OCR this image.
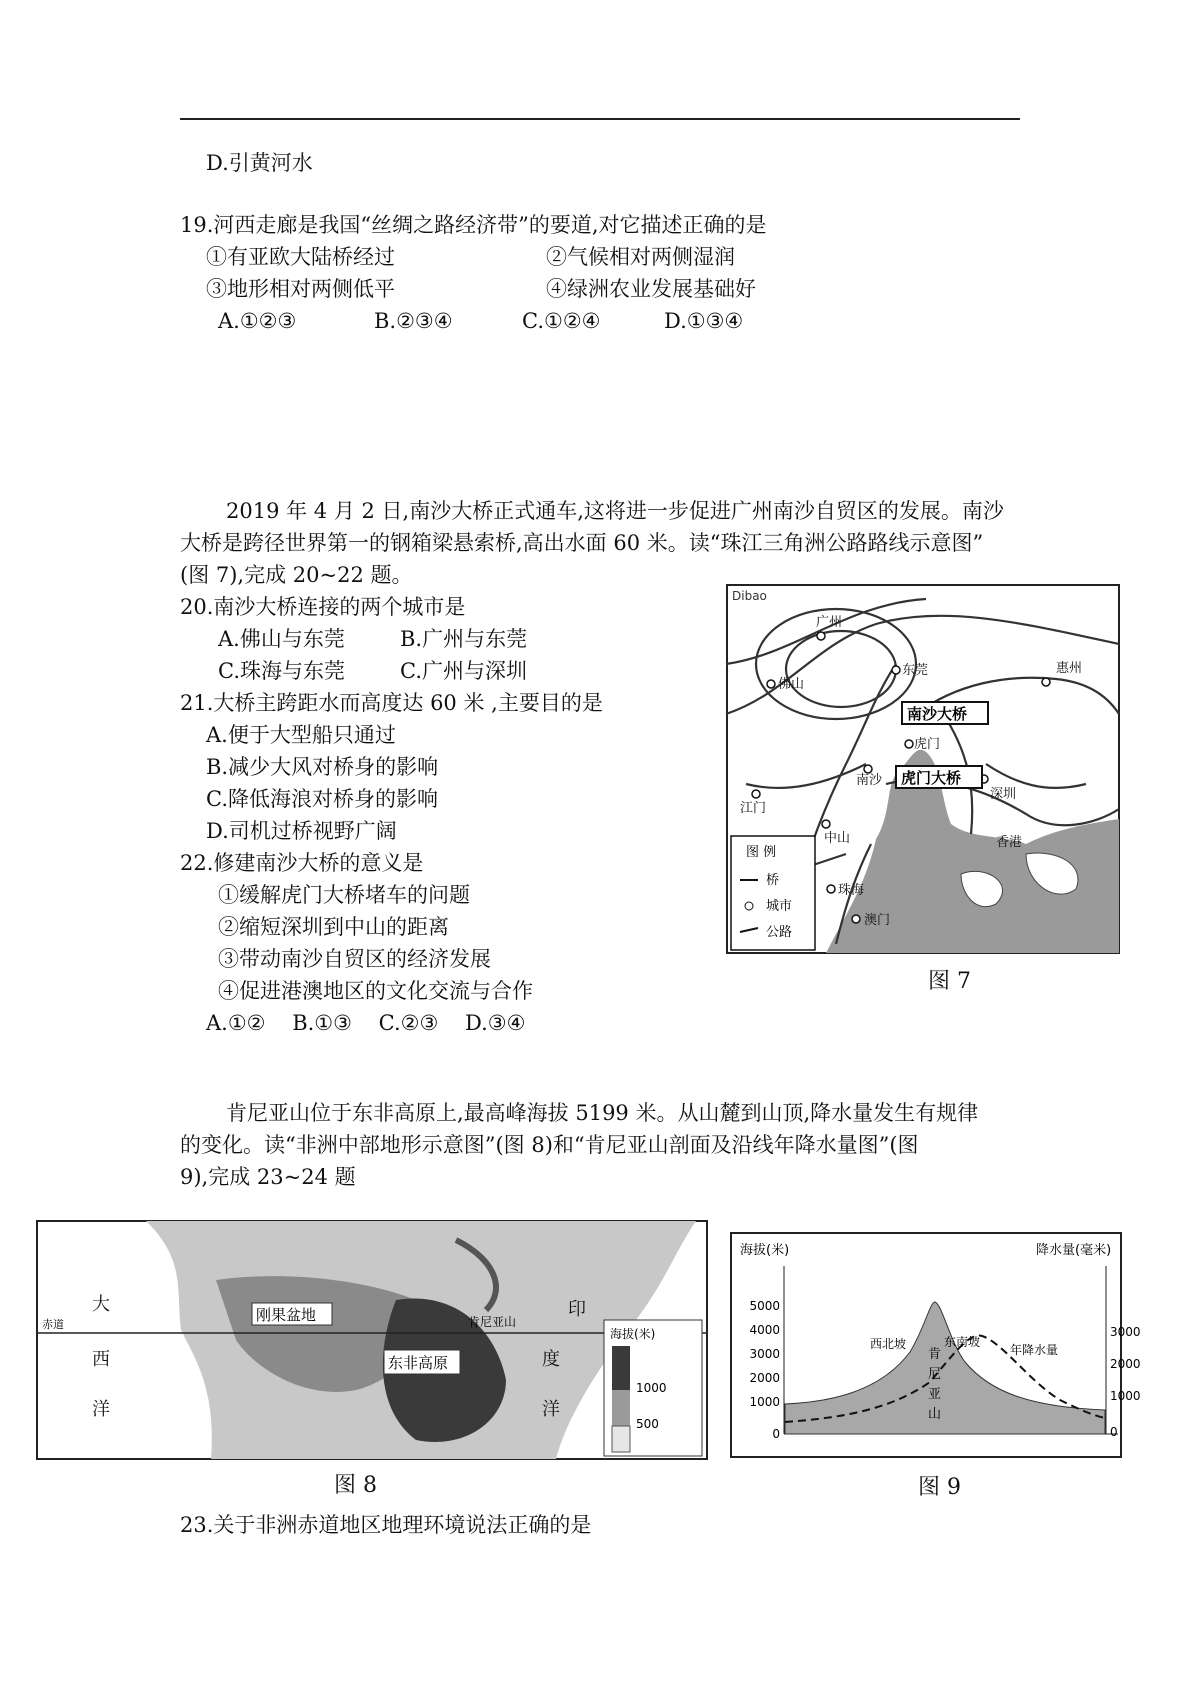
D.引黄河水
19.河西走廊是我国“丝绸之路经济带”的要道,对它描述正确的是
①有亚欧大陆桥经过	②气候相对两侧湿润
③地形相对两侧低平	④绿洲农业发展基础好
A.①②③	B.②③④	C.①②④	D.①③④
2019 年 4 月 2 日,南沙大桥正式通车,这将进一步促进广州南沙自贸区的发展。南沙
大桥是跨径世界第一的钢箱梁悬索桥,高出水面 60 米。读“珠江三角洲公路路线示意图”
(图 7),完成 20~22 题。
20.南沙大桥连接的两个城市是
A.佛山与东莞	B.广州与东莞
C.珠海与东莞	C.广州与深圳
21.大桥主跨距水而高度达 60 米 ,主要目的是
A.便于大型船只通过
B.减少大风对桥身的影响
C.降低海浪对桥身的影响
D.司机过桥视野广阔
22.修建南沙大桥的意义是
①缓解虎门大桥堵车的问题
②缩短深圳到中山的距离
③带动南沙自贸区的经济发展
④促进港澳地区的文化交流与合作
A.①②    B.①③    C.②③    D.③④
Dibao
广州
佛山
东莞	惠州
虎门
南沙
江门
中山
深圳
香港
珠海
澳门
南沙大桥
虎门大桥
图 例
桥
城市
公路
图 7
肯尼亚山位于东非高原上,最高峰海拔 5199 米。从山麓到山顶,降水量发生有规律
的变化。读“非洲中部地形示意图”(图 8)和“肯尼亚山剖面及沿线年降水量图”(图
9),完成 23~24 题
大
西
洋
印
度
洋
赤道
刚果盆地
东非高原
肯尼亚山
海拔(米)
1000
500
图 8
海拔(米)	降水量(毫米)
5000
4000
3000
2000
1000
0
3000
2000
1000
0
西北坡	东南坡
年降水量
肯
尼
亚
山
图 9
23.关于非洲赤道地区地理环境说法正确的是
